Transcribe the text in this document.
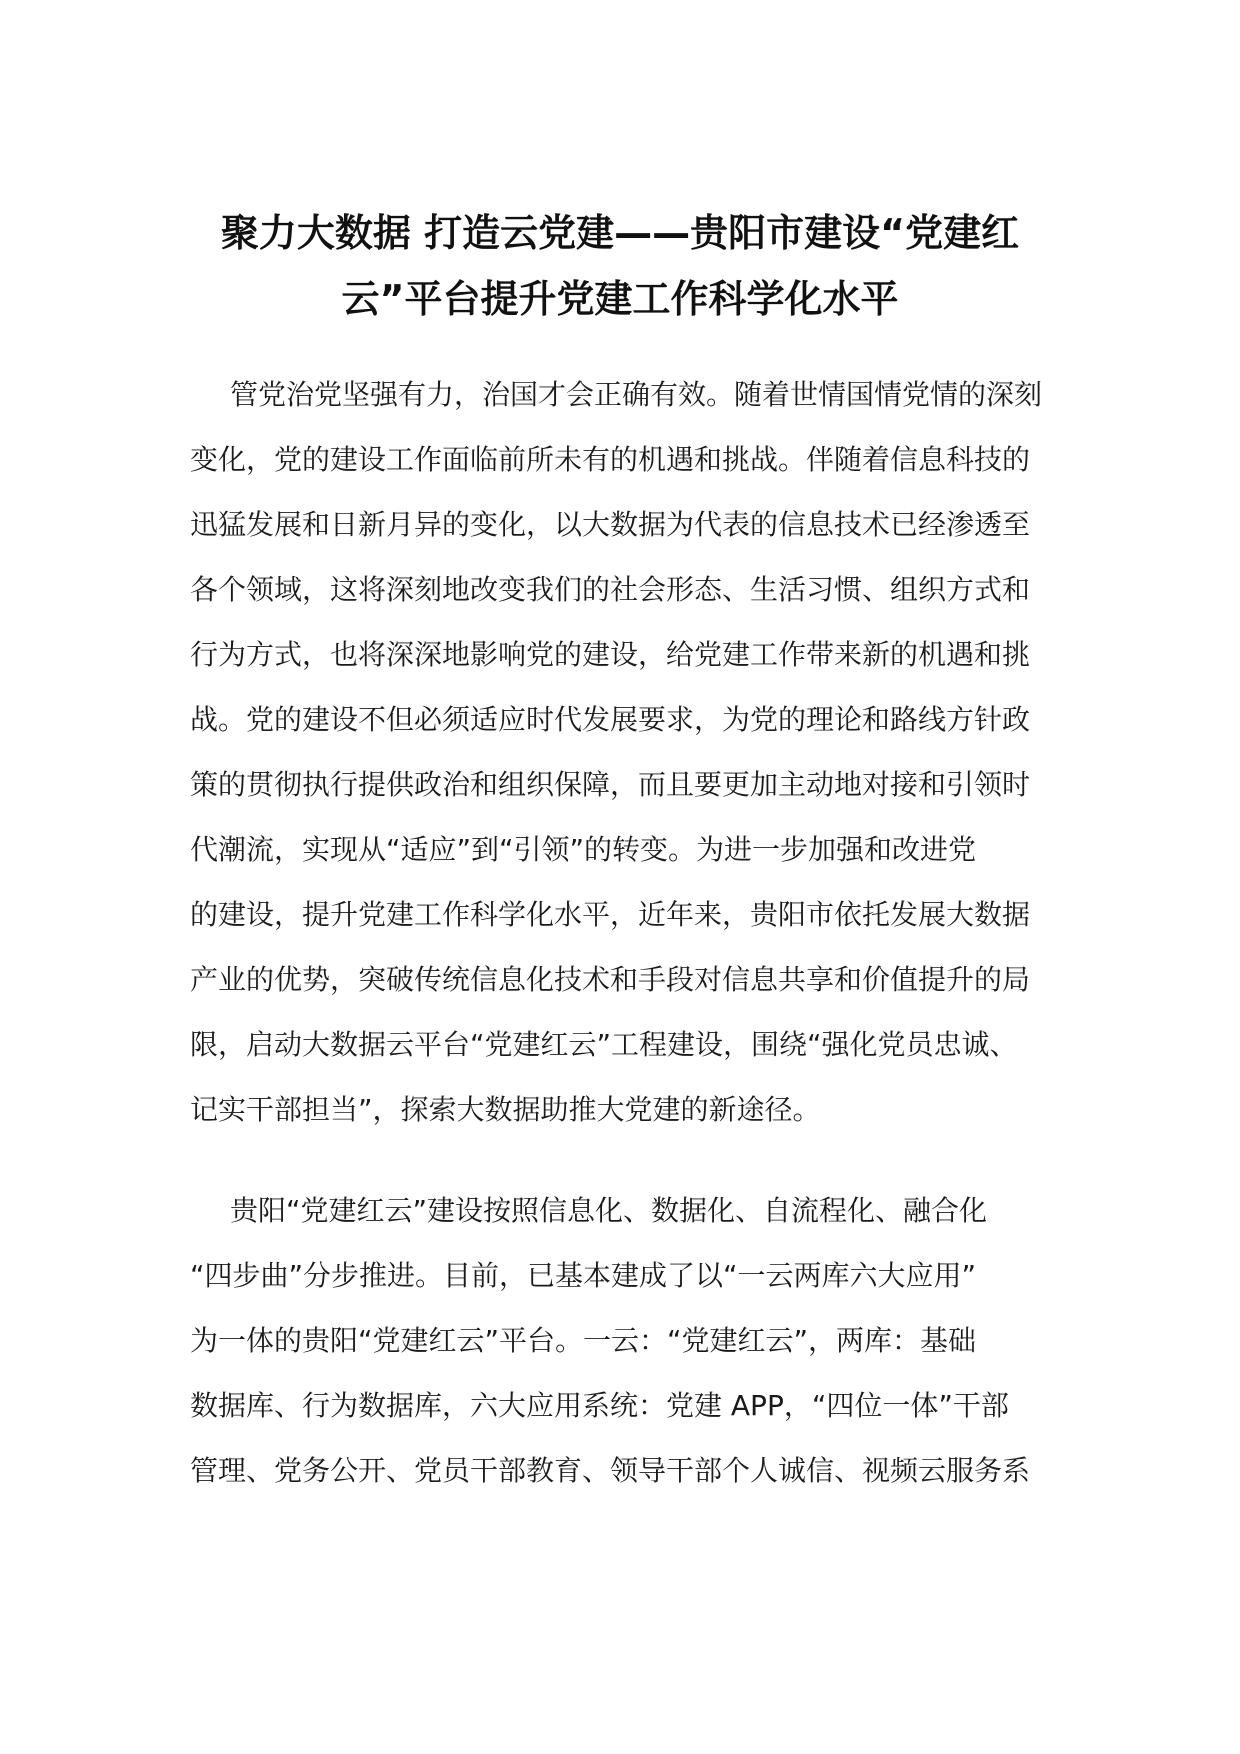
聚力大数据 打造云党建——贵阳市建设“党建红
云”平台提升党建工作科学化水平
管党治党坚强有力，治国才会正确有效。随着世情国情党情的深刻
变化，党的建设工作面临前所未有的机遇和挑战。伴随着信息科技的
迅猛发展和日新月异的变化，以大数据为代表的信息技术已经渗透至
各个领域，这将深刻地改变我们的社会形态、生活习惯、组织方式和
行为方式，也将深深地影响党的建设，给党建工作带来新的机遇和挑
战。党的建设不但必须适应时代发展要求，为党的理论和路线方针政
策的贯彻执行提供政治和组织保障，而且要更加主动地对接和引领时
代潮流，实现从“适应”到“引领”的转变。为进一步加强和改进党
的建设，提升党建工作科学化水平，近年来，贵阳市依托发展大数据
产业的优势，突破传统信息化技术和手段对信息共享和价值提升的局
限，启动大数据云平台“党建红云”工程建设，围绕“强化党员忠诚、
记实干部担当”，探索大数据助推大党建的新途径。
贵阳“党建红云”建设按照信息化、数据化、自流程化、融合化
“四步曲”分步推进。目前，已基本建成了以“一云两库六大应用”
为一体的贵阳“党建红云”平台。一云：“党建红云”，两库：基础
数据库、行为数据库，六大应用系统：党建 APP，“四位一体”干部
管理、党务公开、党员干部教育、领导干部个人诚信、视频云服务系
